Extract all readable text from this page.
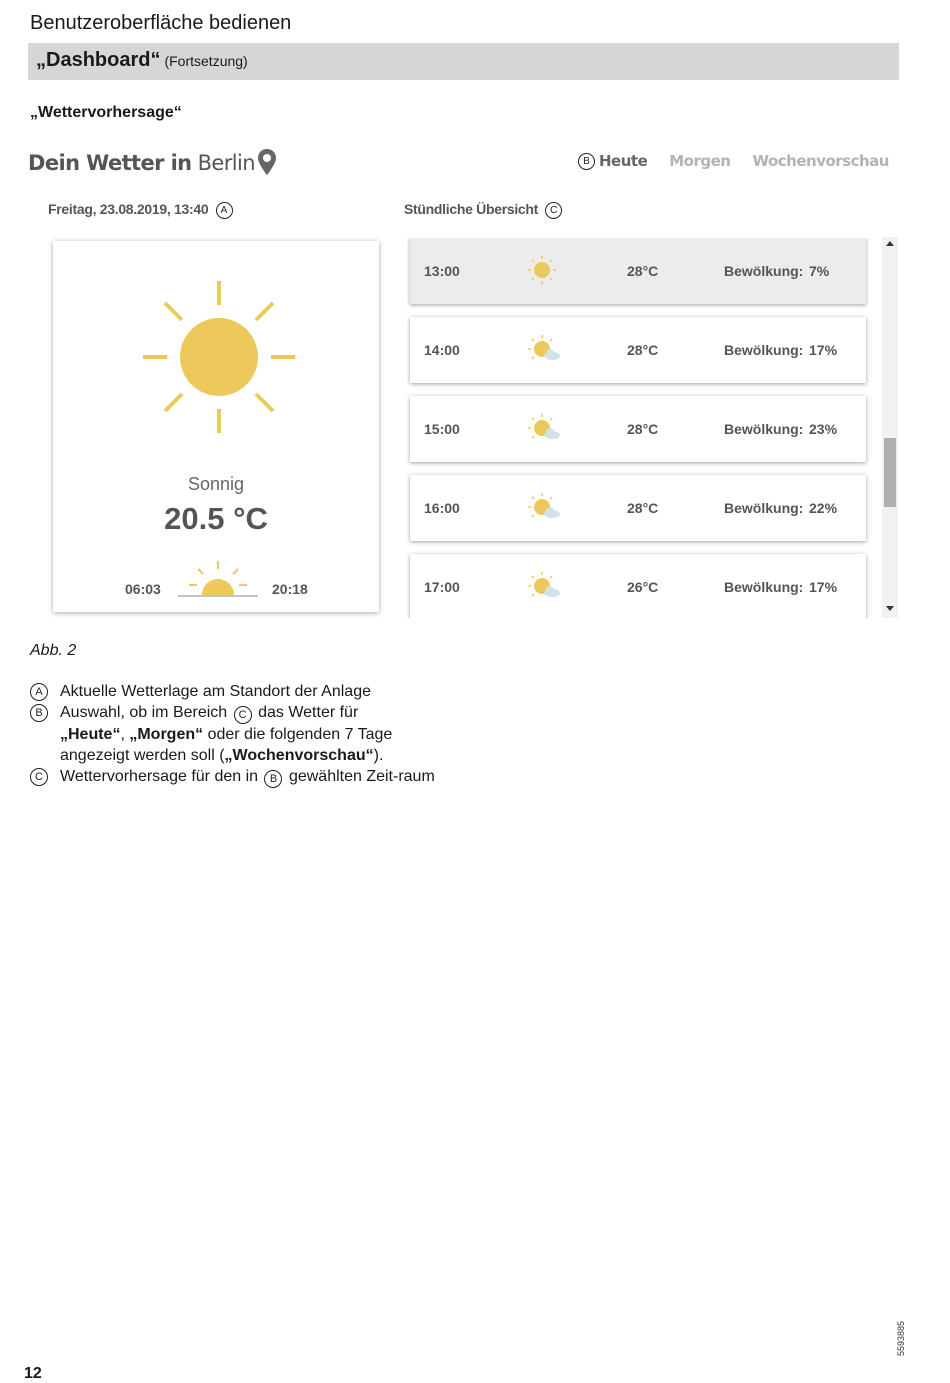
Benutzeroberfläche bedienen
„Dashboard“ (Fortsetzung)
„Wettervorhersage“
Dein Wetter in Berlin	B Heute Morgen Wochenvorschau
Freitag, 23.08.2019, 13:40 A	Stündliche Übersicht C
Sonnig
20.5 °C
06:03	20:18
13:00	28°C	Bewölkung: 7%
14:00	28°C	Bewölkung: 17%
15:00	28°C	Bewölkung: 23%
16:00	28°C	Bewölkung: 22%
17:00	26°C	Bewölkung: 17%
Abb. 2
A	Aktuelle Wetterlage am Standort der Anlage
B	Auswahl, ob im Bereich C das Wetter für
„Heute“, „Morgen“ oder die folgenden 7 Tage angezeigt werden soll („Wochenvorschau“).
C	Wettervorhersage für den in B gewählten Zeit-raum
12
5593885
